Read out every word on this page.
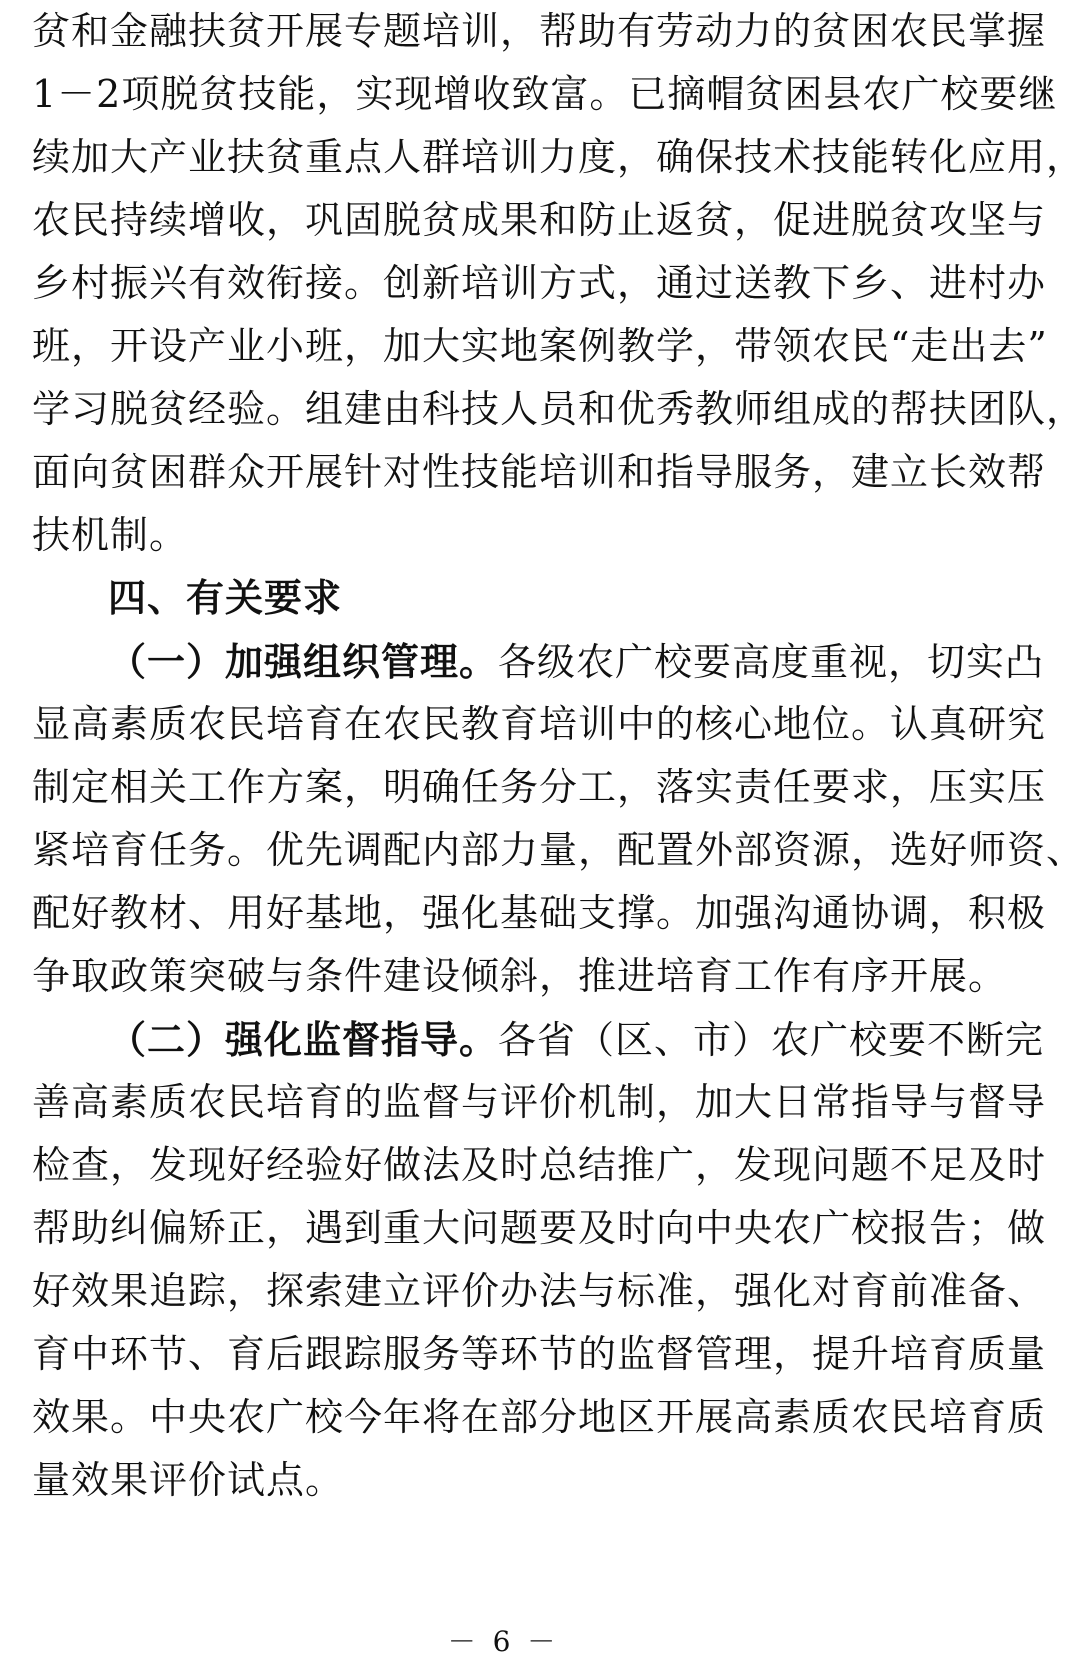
贫和金融扶贫开展专题培训，帮助有劳动力的贫困农民掌握
1－2项脱贫技能，实现增收致富。已摘帽贫困县农广校要继
续加大产业扶贫重点人群培训力度，确保技术技能转化应用，
农民持续增收，巩固脱贫成果和防止返贫，促进脱贫攻坚与
乡村振兴有效衔接。创新培训方式，通过送教下乡、进村办
班，开设产业小班，加大实地案例教学，带领农民“走出去”
学习脱贫经验。组建由科技人员和优秀教师组成的帮扶团队，
面向贫困群众开展针对性技能培训和指导服务，建立长效帮
扶机制。
四、有关要求
（一）加强组织管理。各级农广校要高度重视，切实凸
显高素质农民培育在农民教育培训中的核心地位。认真研究
制定相关工作方案，明确任务分工，落实责任要求，压实压
紧培育任务。优先调配内部力量，配置外部资源，选好师资、
配好教材、用好基地，强化基础支撑。加强沟通协调，积极
争取政策突破与条件建设倾斜，推进培育工作有序开展。
（二）强化监督指导。各省（区、市）农广校要不断完
善高素质农民培育的监督与评价机制，加大日常指导与督导
检查，发现好经验好做法及时总结推广，发现问题不足及时
帮助纠偏矫正，遇到重大问题要及时向中央农广校报告；做
好效果追踪，探索建立评价办法与标准，强化对育前准备、
育中环节、育后跟踪服务等环节的监督管理，提升培育质量
效果。中央农广校今年将在部分地区开展高素质农民培育质
量效果评价试点。
－ 6 －
